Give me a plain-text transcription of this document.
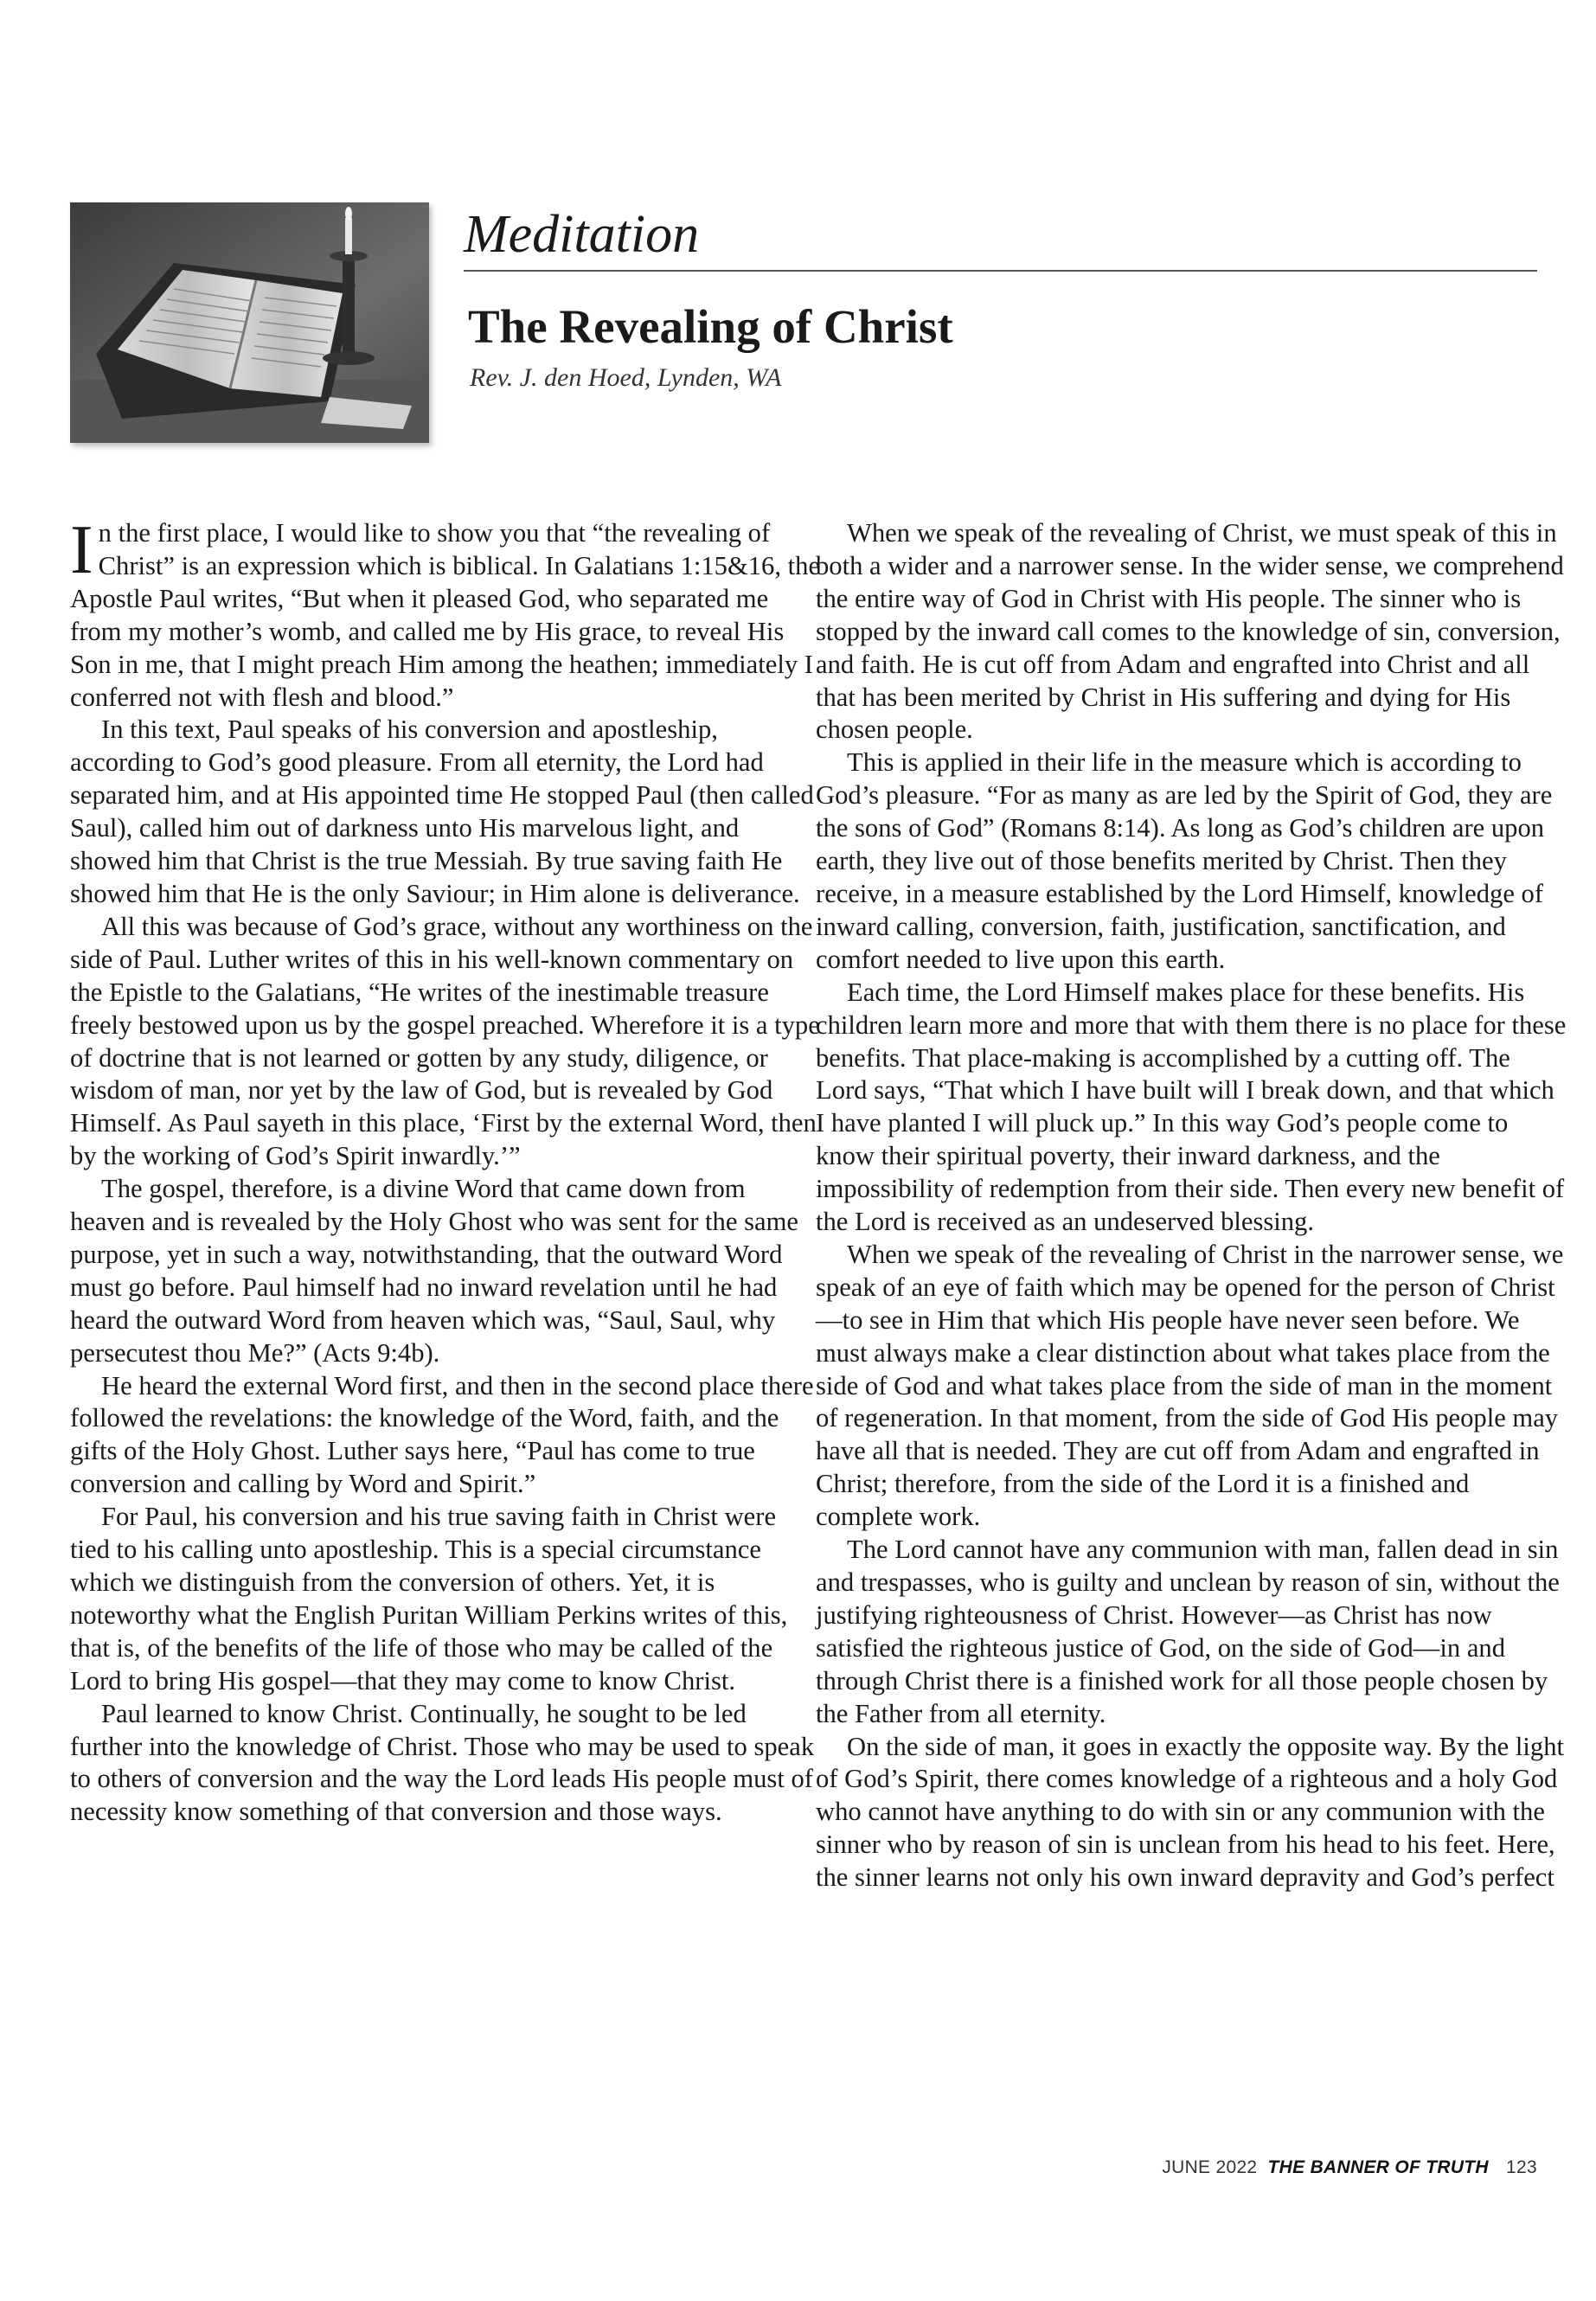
Meditation
The Revealing of Christ
Rev. J. den Hoed, Lynden, WA

In the first place, I would like to show you that “the revealing of Christ” is an expression which is biblical. In Galatians 1:15&16, the Apostle Paul writes, “But when it pleased God, who separated me from my mother’s womb, and called me by His grace, to reveal His Son in me, that I might preach Him among the heathen; immediately I conferred not with flesh and blood.”

In this text, Paul speaks of his conversion and apostleship, according to God’s good pleasure. From all eternity, the Lord had separated him, and at His appointed time He stopped Paul (then called Saul), called him out of darkness unto His marvelous light, and showed him that Christ is the true Messiah. By true saving faith He showed him that He is the only Saviour; in Him alone is deliverance.

All this was because of God’s grace, without any worthiness on the side of Paul. Luther writes of this in his well-known commentary on the Epistle to the Galatians, “He writes of the inestimable treasure freely bestowed upon us by the gospel preached. Wherefore it is a type of doctrine that is not learned or gotten by any study, diligence, or wisdom of man, nor yet by the law of God, but is revealed by God Himself. As Paul sayeth in this place, ‘First by the external Word, then by the working of God’s Spirit inwardly.’”

The gospel, therefore, is a divine Word that came down from heaven and is revealed by the Holy Ghost who was sent for the same purpose, yet in such a way, notwithstanding, that the outward Word must go before. Paul himself had no inward revelation until he had heard the outward Word from heaven which was, “Saul, Saul, why persecutest thou Me?” (Acts 9:4b).

He heard the external Word first, and then in the second place there followed the revelations: the knowledge of the Word, faith, and the gifts of the Holy Ghost. Luther says here, “Paul has come to true conversion and calling by Word and Spirit.”

For Paul, his conversion and his true saving faith in Christ were tied to his calling unto apostleship. This is a special circumstance which we distinguish from the conversion of others. Yet, it is noteworthy what the English Puritan William Perkins writes of this, that is, of the benefits of the life of those who may be called of the Lord to bring His gospel—that they may come to know Christ.

Paul learned to know Christ. Continually, he sought to be led further into the knowledge of Christ. Those who may be used to speak to others of conversion and the way the Lord leads His people must of necessity know something of that conversion and those ways.

When we speak of the revealing of Christ, we must speak of this in both a wider and a narrower sense. In the wider sense, we comprehend the entire way of God in Christ with His people. The sinner who is stopped by the inward call comes to the knowledge of sin, conversion, and faith. He is cut off from Adam and engrafted into Christ and all that has been merited by Christ in His suffering and dying for His chosen people.

This is applied in their life in the measure which is according to God’s pleasure. “For as many as are led by the Spirit of God, they are the sons of God” (Romans 8:14). As long as God’s children are upon earth, they live out of those benefits merited by Christ. Then they receive, in a measure established by the Lord Himself, knowledge of inward calling, conversion, faith, justification, sanctification, and comfort needed to live upon this earth.

Each time, the Lord Himself makes place for these benefits. His children learn more and more that with them there is no place for these benefits. That place-making is accomplished by a cutting off. The Lord says, “That which I have built will I break down, and that which I have planted I will pluck up.” In this way God’s people come to know their spiritual poverty, their inward darkness, and the impossibility of redemption from their side. Then every new benefit of the Lord is received as an undeserved blessing.

When we speak of the revealing of Christ in the narrower sense, we speak of an eye of faith which may be opened for the person of Christ—to see in Him that which His people have never seen before. We must always make a clear distinction about what takes place from the side of God and what takes place from the side of man in the moment of regeneration. In that moment, from the side of God His people may have all that is needed. They are cut off from Adam and engrafted in Christ; therefore, from the side of the Lord it is a finished and complete work.

The Lord cannot have any communion with man, fallen dead in sin and trespasses, who is guilty and unclean by reason of sin, without the justifying righteousness of Christ. However—as Christ has now satisfied the righteous justice of God, on the side of God—in and through Christ there is a finished work for all those people chosen by the Father from all eternity.

On the side of man, it goes in exactly the opposite way. By the light of God’s Spirit, there comes knowledge of a righteous and a holy God who cannot have anything to do with sin or any communion with the sinner who by reason of sin is unclean from his head to his feet. Here, the sinner learns not only his own inward depravity and God’s perfect

JUNE 2022 THE BANNER OF TRUTH 123
